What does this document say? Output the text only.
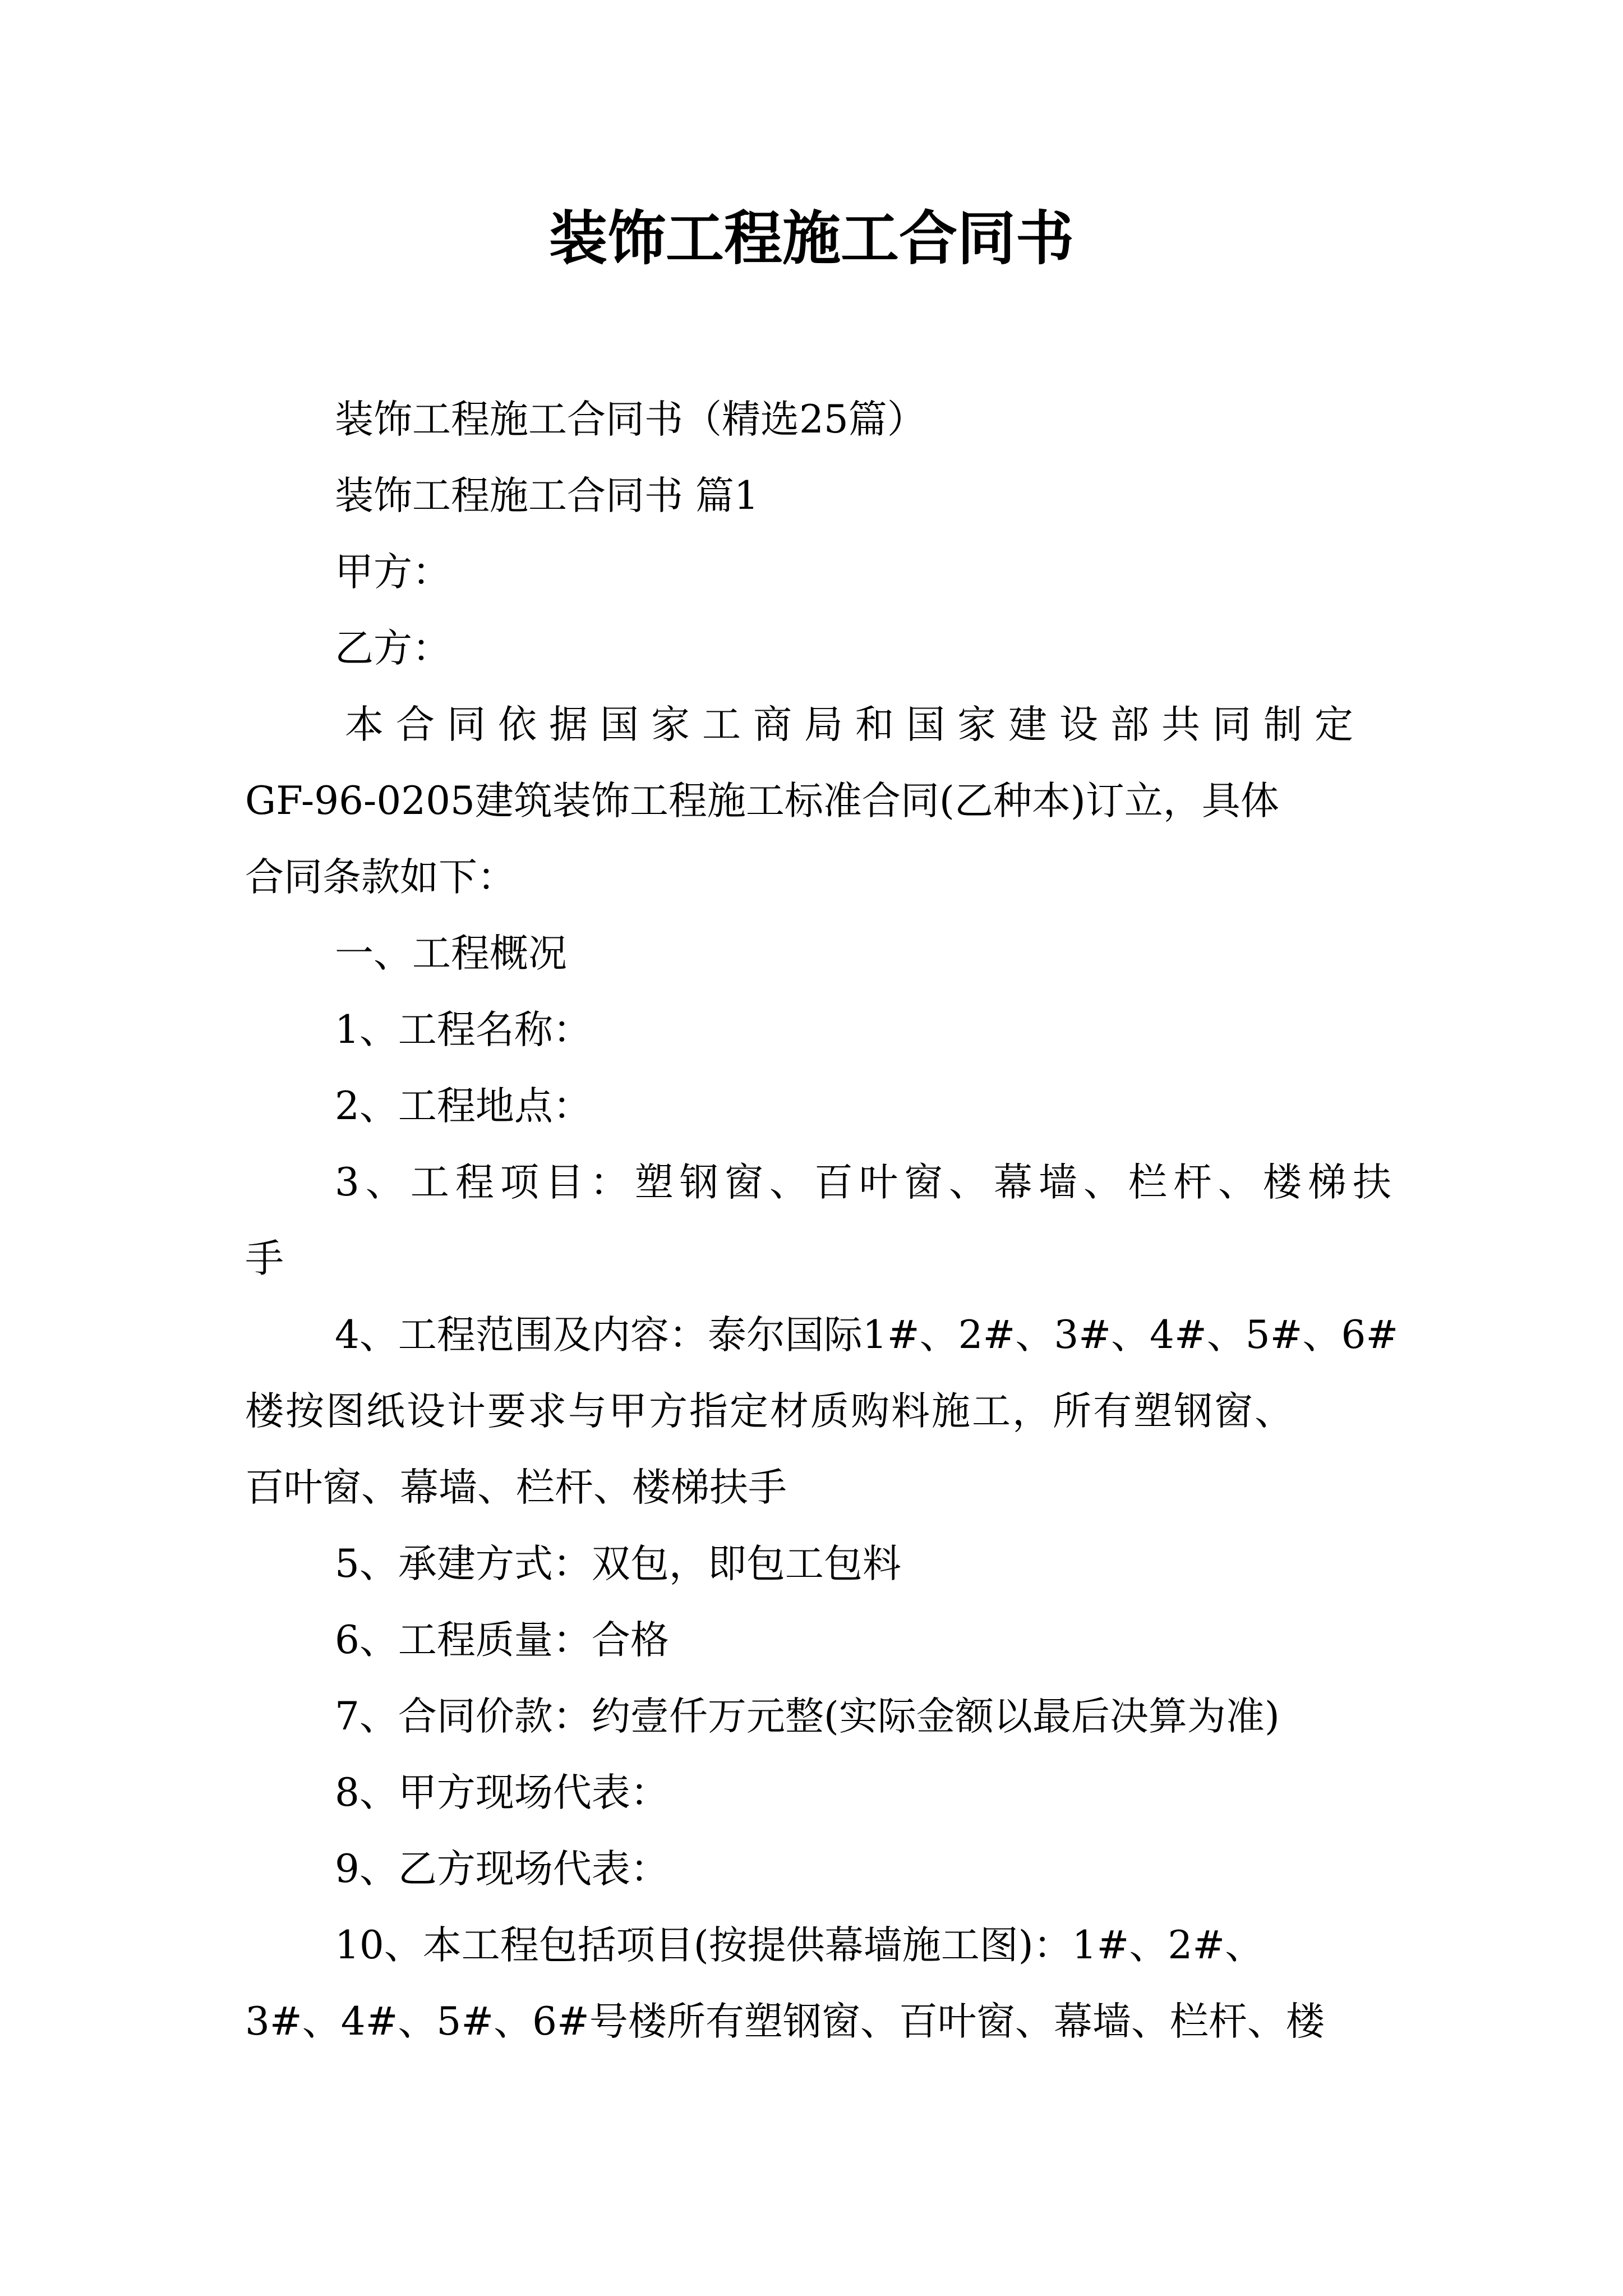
装饰工程施工合同书

装饰工程施工合同书（精选25篇）

装饰工程施工合同书 篇1

甲方：

乙方：

本合同依据国家工商局和国家建设部共同制定

GF-96-0205建筑装饰工程施工标准合同(乙种本)订立，具体

合同条款如下：

一、工程概况

1、工程名称：

2、工程地点：

3、工程项目：塑钢窗、百叶窗、幕墙、栏杆、楼梯扶

手

4、工程范围及内容：泰尔国际1#、2#、3#、4#、5#、6#

楼按图纸设计要求与甲方指定材质购料施工，所有塑钢窗、

百叶窗、幕墙、栏杆、楼梯扶手

5、承建方式：双包，即包工包料

6、工程质量：合格

7、合同价款：约壹仟万元整(实际金额以最后决算为准)

8、甲方现场代表：

9、乙方现场代表：

10、本工程包括项目(按提供幕墙施工图)：1#、2#、

3#、4#、5#、6#号楼所有塑钢窗、百叶窗、幕墙、栏杆、楼
